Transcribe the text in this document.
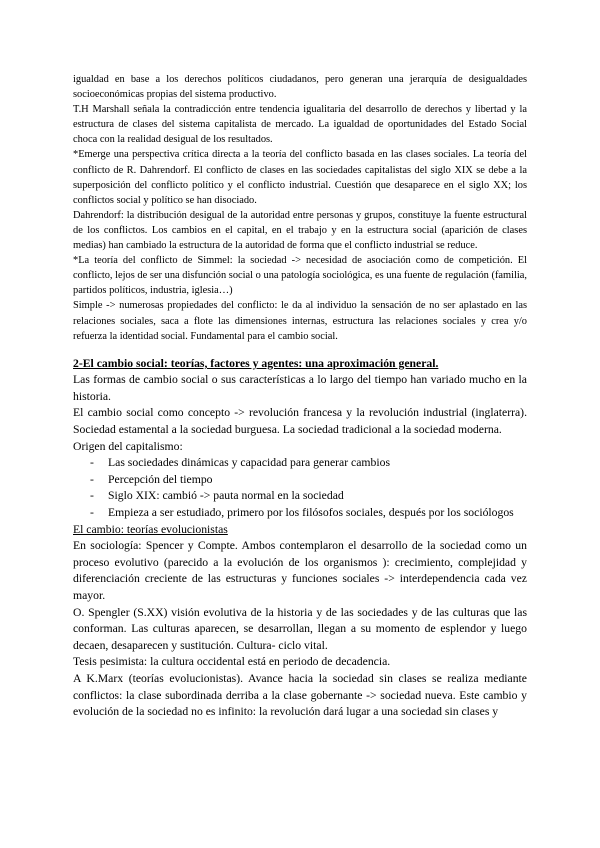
igualdad en base a los derechos políticos ciudadanos, pero generan una jerarquía de desigualdades socioeconómicas propias del sistema productivo.

T.H Marshall señala la contradicción entre tendencia igualitaria del desarrollo de derechos y libertad y la estructura de clases del sistema capitalista de mercado. La igualdad de oportunidades del Estado Social choca con la realidad desigual de los resultados.

*Emerge una perspectiva crítica directa a la teoría del conflicto basada en las clases sociales. La teoría del conflicto de R. Dahrendorf. El conflicto de clases en las sociedades capitalistas del siglo XIX se debe a la superposición del conflicto político y el conflicto industrial. Cuestión que desaparece en el siglo XX; los conflictos social y político se han disociado.

Dahrendorf: la distribución desigual de la autoridad entre personas y grupos, constituye la fuente estructural de los conflictos. Los cambios en el capital, en el trabajo y en la estructura social (aparición de clases medias) han cambiado la estructura de la autoridad de forma que el conflicto industrial se reduce.

*La teoría del conflicto de Simmel: la sociedad -> necesidad de asociación como de competición. El conflicto, lejos de ser una disfunción social o una patología sociológica, es una fuente de regulación (familia, partidos políticos, industria, iglesia…)

Simple -> numerosas propiedades del conflicto: le da al individuo la sensación de no ser aplastado en las relaciones sociales, saca a flote las dimensiones internas, estructura las relaciones sociales y crea y/o refuerza la identidad social. Fundamental para el cambio social.

2-El cambio social: teorías, factores y agentes: una aproximación general.

Las formas de cambio social o sus características a lo largo del tiempo han variado mucho en la historia.

El cambio social como concepto -> revolución francesa y la revolución industrial (inglaterra). Sociedad estamental a la sociedad burguesa. La sociedad tradicional a la sociedad moderna.

Origen del capitalismo:

- Las sociedades dinámicas y capacidad para generar cambios
- Percepción del tiempo
- Siglo XIX: cambió -> pauta normal en la sociedad
- Empieza a ser estudiado, primero por los filósofos sociales, después por los sociólogos

El cambio: teorías evolucionistas

En sociología: Spencer y Compte. Ambos contemplaron el desarrollo de la sociedad como un proceso evolutivo (parecido a la evolución de los organismos ): crecimiento, complejidad y diferenciación creciente de las estructuras y funciones sociales -> interdependencia cada vez mayor.

O. Spengler (S.XX) visión evolutiva de la historia y de las sociedades y de las culturas que las conforman. Las culturas aparecen, se desarrollan, llegan a su momento de esplendor y luego decaen, desaparecen y sustitución. Cultura- ciclo vital.

Tesis pesimista: la cultura occidental está en periodo de decadencia.

A K.Marx (teorías evolucionistas). Avance hacia la sociedad sin clases se realiza mediante conflictos: la clase subordinada derriba a la clase gobernante -> sociedad nueva. Este cambio y evolución de la sociedad no es infinito: la revolución dará lugar a una sociedad sin clases y
